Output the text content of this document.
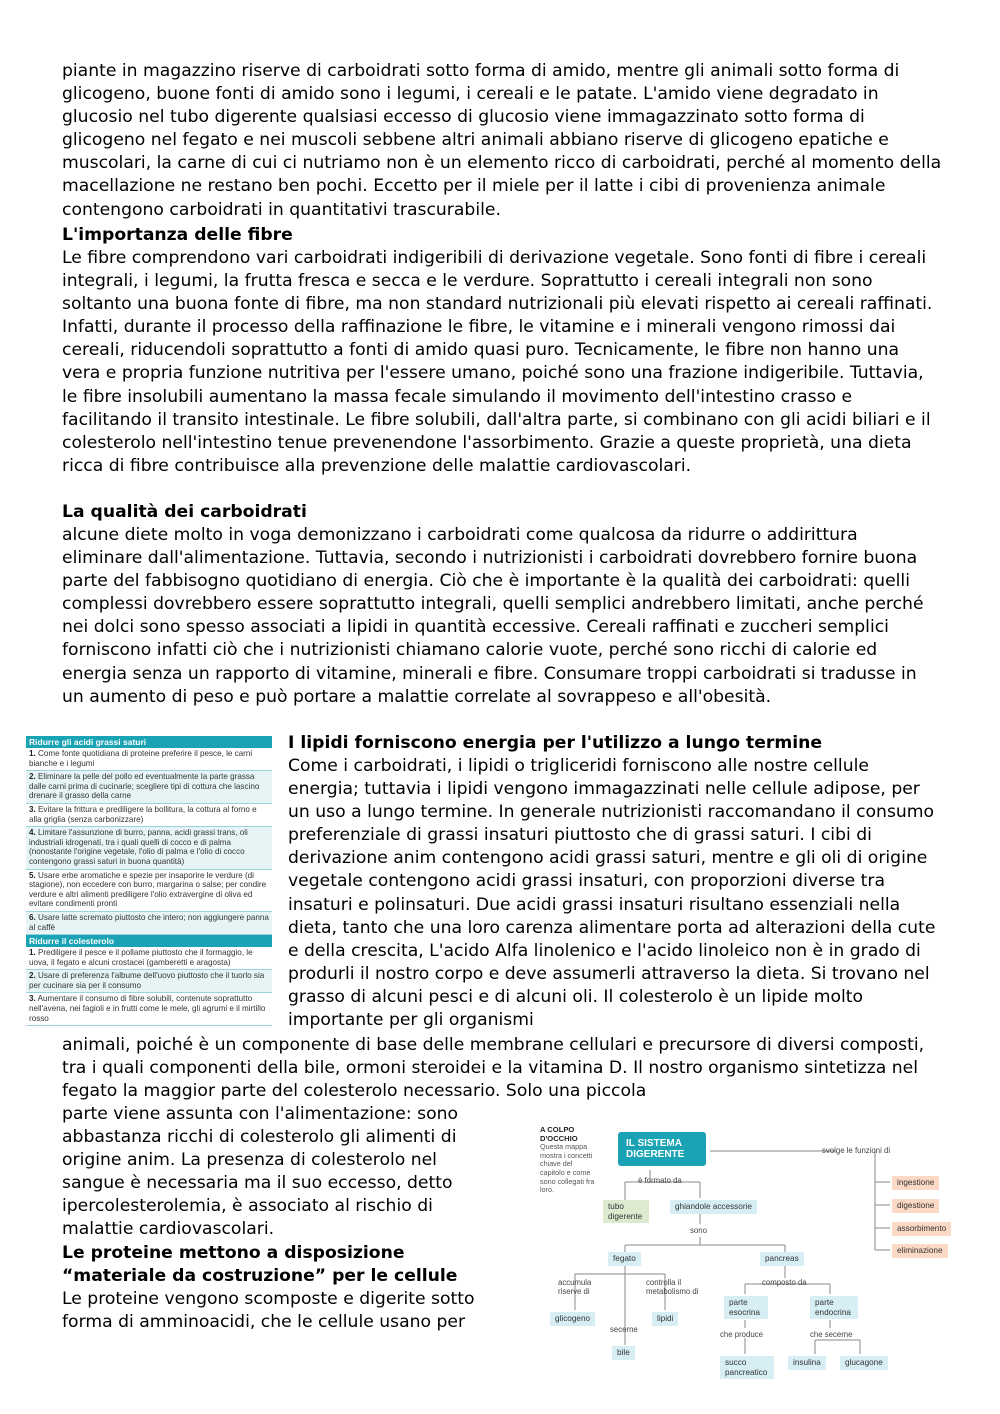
piante in magazzino riserve di carboidrati sotto forma di amido, mentre gli animali sotto forma di glicogeno, buone fonti di amido sono i legumi, i cereali e le patate. L'amido viene degradato in glucosio nel tubo digerente qualsiasi eccesso di glucosio viene immagazzinato sotto forma di glicogeno nel fegato e nei muscoli sebbene altri animali abbiano riserve di glicogeno epatiche e muscolari, la carne di cui ci nutriamo non è un elemento ricco di carboidrati, perché al momento della macellazione ne restano ben pochi. Eccetto per il miele per il latte i cibi di provenienza animale contengono carboidrati in quantitativi trascurabile.

L'importanza delle fibre

Le fibre comprendono vari carboidrati indigeribili di derivazione vegetale. Sono fonti di fibre i cereali integrali, i legumi, la frutta fresca e secca e le verdure. Soprattutto i cereali integrali non sono soltanto una buona fonte di fibre, ma non standard nutrizionali più elevati rispetto ai cereali raffinati. Infatti, durante il processo della raffinazione le fibre, le vitamine e i minerali vengono rimossi dai cereali, riducendoli soprattutto a fonti di amido quasi puro. Tecnicamente, le fibre non hanno una vera e propria funzione nutritiva per l'essere umano, poiché sono una frazione indigeribile. Tuttavia, le fibre insolubili aumentano la massa fecale simulando il movimento dell'intestino crasso e facilitando il transito intestinale. Le fibre solubili, dall'altra parte, si combinano con gli acidi biliari e il colesterolo nell'intestino tenue prevenendone l'assorbimento. Grazie a queste proprietà, una dieta ricca di fibre contribuisce alla prevenzione delle malattie cardiovascolari.

La qualità dei carboidrati

alcune diete molto in voga demonizzano i carboidrati come qualcosa da ridurre o addirittura eliminare dall'alimentazione. Tuttavia, secondo i nutrizionisti i carboidrati dovrebbero fornire buona parte del fabbisogno quotidiano di energia. Ciò che è importante è la qualità dei carboidrati: quelli complessi dovrebbero essere soprattutto integrali, quelli semplici andrebbero limitati, anche perché nei dolci sono spesso associati a lipidi in quantità eccessive. Cereali raffinati e zuccheri semplici forniscono infatti ciò che i nutrizionisti chiamano calorie vuote, perché sono ricchi di calorie ed energia senza un rapporto di vitamine, minerali e fibre. Consumare troppi carboidrati si tradusse in un aumento di peso e può portare a malattie correlate al sovrappeso e all'obesità.

Ridurre gli acidi grassi saturi
1. Come fonte quotidiana di proteine preferire il pesce, le carni bianche e i legumi
2. Eliminare la pelle del pollo ed eventualmente la parte grassa dalle carni prima di cucinarle; scegliere tipi di cottura che lascino drenare il grasso della carne
3. Evitare la frittura e prediligere la bollitura, la cottura al forno e alla griglia (senza carbonizzare)
4. Limitare l'assunzione di burro, panna, acidi grassi trans, oli industriali idrogenati, tra i quali quelli di cocco e di palma (nonostante l'origine vegetale, l'olio di palma e l'olio di cocco contengono grassi saturi in buona quantità)
5. Usare erbe aromatiche e spezie per insaporire le verdure (di stagione), non eccedere con burro, margarina o salse; per condire verdure e altri alimenti prediligere l'olio extravergine di oliva ed evitare condimenti pronti
6. Usare latte scremato piuttosto che intero; non aggiungere panna al caffè
Ridurre il colesterolo
1. Prediligere il pesce e il pollame piuttosto che il formaggio, le uova, il fegato e alcuni crostacei (gamberetti e aragosta)
2. Usare di preferenza l'albume dell'uovo piuttosto che il tuorlo sia per cucinare sia per il consumo
3. Aumentare il consumo di fibre solubili, contenute soprattutto nell'avena, nei fagioli e in frutti come le mele, gli agrumi e il mirtillo rosso
I lipidi forniscono energia per l'utilizzo a lungo termine

Come i carboidrati, i lipidi o trigliceridi forniscono alle nostre cellule energia; tuttavia i lipidi vengono immagazzinati nelle cellule adipose, per un uso a lungo termine. In generale nutrizionisti raccomandano il consumo preferenziale di grassi insaturi piuttosto che di grassi saturi. I cibi di derivazione anim contengono acidi grassi saturi, mentre e gli oli di origine vegetale contengono acidi grassi insaturi, con proporzioni diverse tra insaturi e polinsaturi. Due acidi grassi insaturi risultano essenziali nella dieta, tanto che una loro carenza alimentare porta ad alterazioni della cute e della crescita, L'acido Alfa linolenico e l'acido linoleico non è in grado di produrli il nostro corpo e deve assumerli attraverso la dieta. Si trovano nel grasso di alcuni pesci e di alcuni oli. Il colesterolo è un lipide molto importante per gli organismi

animali, poiché è un componente di base delle membrane cellulari e precursore di diversi composti, tra i quali componenti della bile, ormoni steroidei e la vitamina D. Il nostro organismo sintetizza nel fegato la maggior parte del colesterolo necessario. Solo una piccola

parte viene assunta con l'alimentazione: sono abbastanza ricchi di colesterolo gli alimenti di origine anim. La presenza di colesterolo nel sangue è necessaria ma il suo eccesso, detto ipercolesterolemia, è associato al rischio di malattie cardiovascolari.

Le proteine mettono a disposizione “materiale da costruzione” per le cellule

Le proteine vengono scomposte e digerite sotto forma di amminoacidi, che le cellule usano per

A COLPO D'OCCHIO
Questa mappa mostra i concetti chiave del capitolo e come sono collegati fra loro.
IL SISTEMA DIGERENTE	svolge le funzioni di
ingestione
digestione
assorbimento
eliminazione
è formato da
tubo digerente
ghiandole accessorie
sono
fegato	pancreas
accumula riserve di
controlla il metabolismo di
secerne
glicogeno	lipidi
bile
composto da
parte esocrina
parte endocrina
che produce	che secerne
succo pancreatico
insulina	glucagone
